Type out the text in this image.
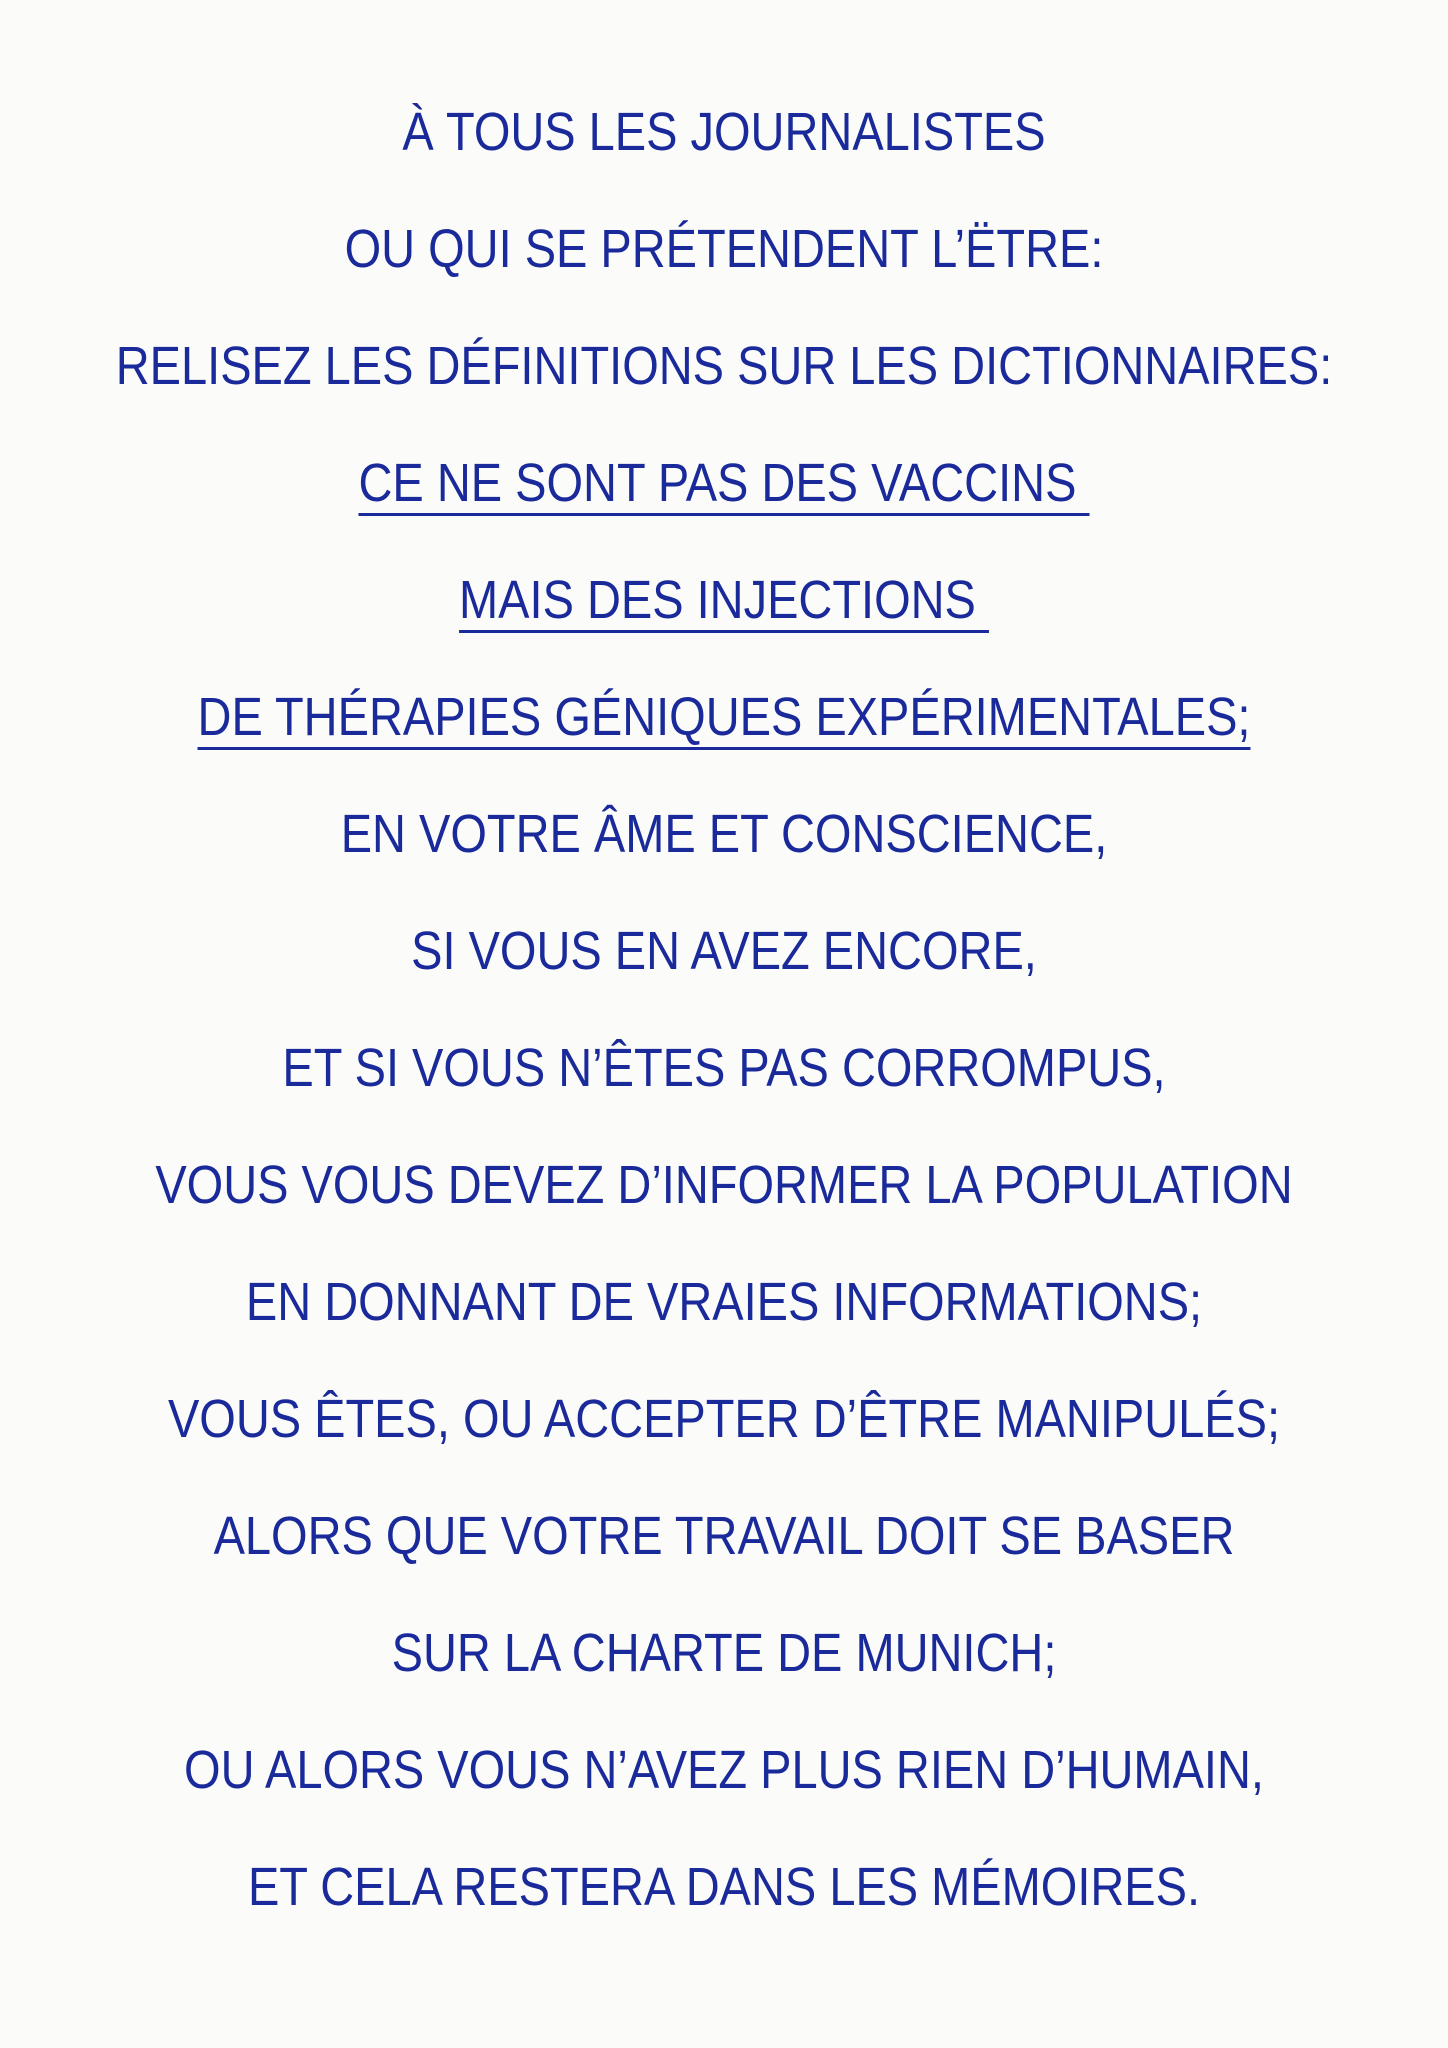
À TOUS LES JOURNALISTES
OU QUI SE PRÉTENDENT L’ËTRE:
RELISEZ LES DÉFINITIONS SUR LES DICTIONNAIRES:
CE NE SONT PAS DES VACCINS
MAIS DES INJECTIONS
DE THÉRAPIES GÉNIQUES EXPÉRIMENTALES;
EN VOTRE ÂME ET CONSCIENCE,
SI VOUS EN AVEZ ENCORE,
ET SI VOUS N’ÊTES PAS CORROMPUS,
VOUS VOUS DEVEZ D’INFORMER LA POPULATION
EN DONNANT DE VRAIES INFORMATIONS;
VOUS ÊTES, OU ACCEPTER D’ÊTRE MANIPULÉS;
ALORS QUE VOTRE TRAVAIL DOIT SE BASER
SUR LA CHARTE DE MUNICH;
OU ALORS VOUS N’AVEZ PLUS RIEN D’HUMAIN,
ET CELA RESTERA DANS LES MÉMOIRES.
